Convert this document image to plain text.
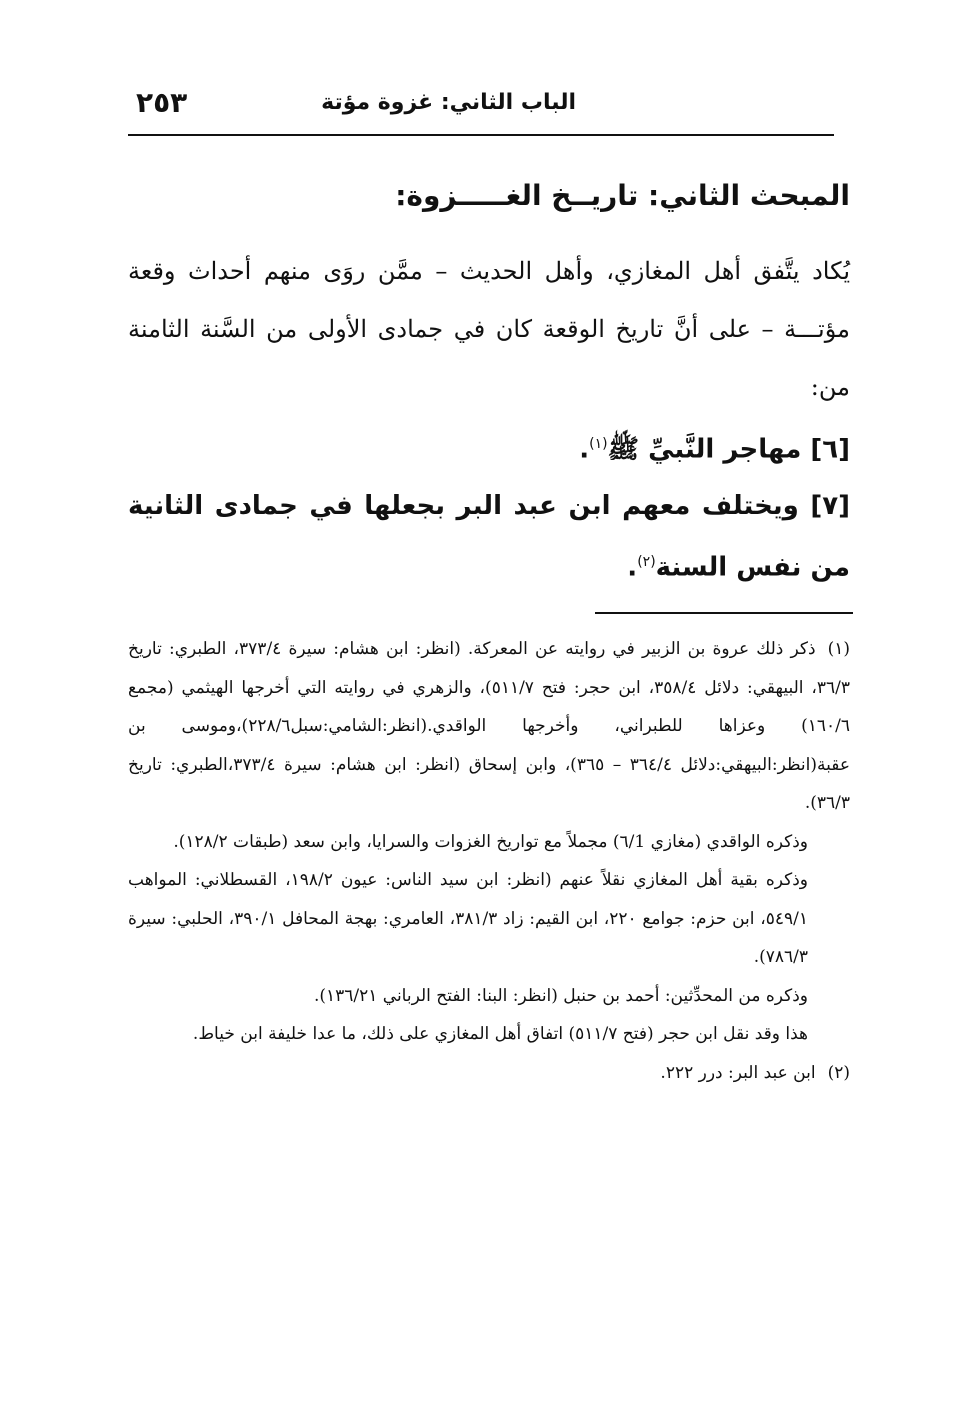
الباب الثاني: غزوة مؤتة
٢٥٣
المبحث الثاني: تاريــخ الغـــــزوة:

يُكاد يتَّفق أهل المغازي، وأهل الحديث – ممَّن روَى منهم أحداث وقعة مؤتـــة – على أنَّ تاريخ الوقعة كان في جمادى الأولى من السَّنة الثامنة من:

[٦] مهاجر النَّبيِّ ﷺ$^{(١)}$.

[٧] ويختلف معهم ابن عبد البر بجعلها في جمادى الثانية من نفس السنة$^{(٢)}$.

(١)ذكر ذلك عروة بن الزبير في روايته عن المعركة. (انظر: ابن هشام: سيرة ٣٧٣/٤، الطبري: تاريخ ٣٦/٣، البيهقي: دلائل ٣٥٨/٤، ابن حجر: فتح ٥١١/٧)، والزهري في روايته التي أخرجها الهيثمي (مجمع ١٦٠/٦) وعزاها للطبراني، وأخرجها الواقدي.(انظر:الشامي:سبل٢٢٨/٦)،وموسى بن عقبة(انظر:البيهقي:دلائل ٣٦٤/٤ – ٣٦٥)، وابن إسحاق (انظر: ابن هشام: سيرة ٣٧٣/٤،الطبري: تاريخ ٣٦/٣).

وذكره الواقدي (مغازي ٦/1) مجملاً مع تواريخ الغزوات والسرايا، وابن سعد (طبقات ١٢٨/٢).

وذكره بقية أهل المغازي نقلاً عنهم (انظر: ابن سيد الناس: عيون ١٩٨/٢، القسطلاني: المواهب ٥٤٩/١، ابن حزم: جوامع ٢٢٠، ابن القيم: زاد ٣٨١/٣، العامري: بهجة المحافل ٣٩٠/١، الحلبي: سيرة ٧٨٦/٣).

وذكره من المحدِّثين: أحمد بن حنبل (انظر: البنا: الفتح الرباني ١٣٦/٢١).

هذا وقد نقل ابن حجر (فتح ٥١١/٧) اتفاق أهل المغازي على ذلك، ما عدا خليفة ابن خياط.

(٢)ابن عبد البر: درر ٢٢٢.
